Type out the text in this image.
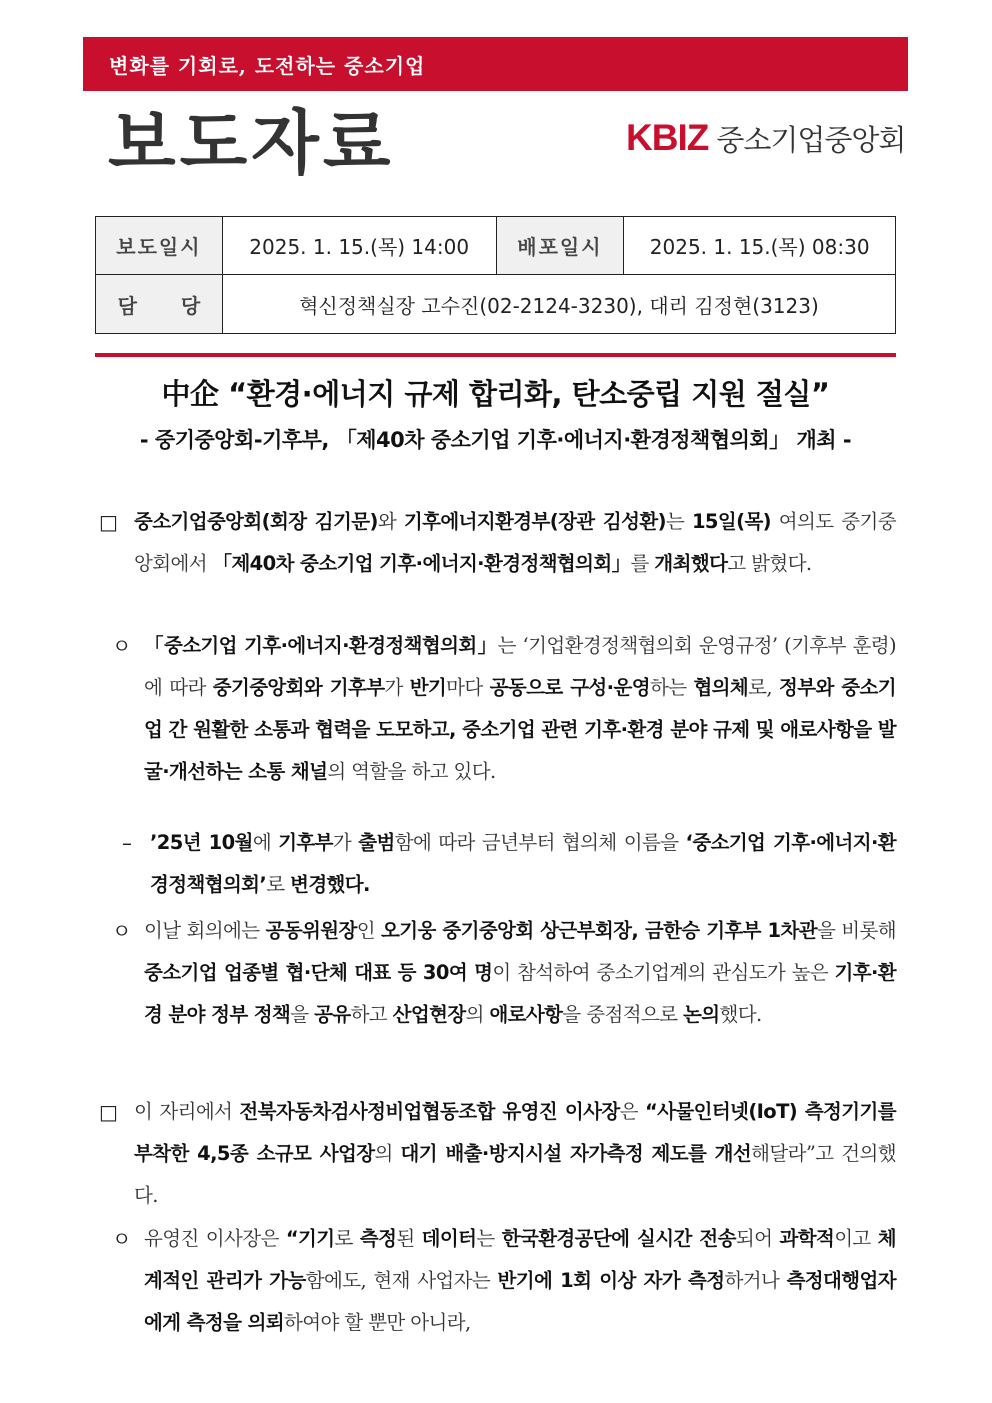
변화를 기회로, 도전하는 중소기업
보도자료	KBIZ 중소기업중앙회
보도일시	2025. 1. 15.(목) 14:00	배포일시	2025. 1. 15.(목) 08:30
담 당	혁신정책실장 고수진(02-2124-3230), 대리 김정현(3123)		
中企 “환경·에너지 규제 합리화, 탄소중립 지원 절실”
- 중기중앙회-기후부, 「제40차 중소기업 기후·에너지·환경정책협의회」 개최 -
□ 중소기업중앙회(회장 김기문)와 기후에너지환경부(장관 김성환)는 15일(목) 여의도 중기중앙회에서 「제40차 중소기업 기후·에너지·환경정책협의회」를 개최했다고 밝혔다.
ㅇ 「중소기업 기후·에너지·환경정책협의회」는 ‘기업환경정책협의회 운영규정’ (기후부 훈령)에 따라 중기중앙회와 기후부가 반기마다 공동으로 구성·운영하는 협의체로, 정부와 중소기업 간 원활한 소통과 협력을 도모하고, 중소기업 관련 기후·환경 분야 규제 및 애로사항을 발굴·개선하는 소통 채널의 역할을 하고 있다.
– ’25년 10월에 기후부가 출범함에 따라 금년부터 협의체 이름을 ‘중소기업 기후·에너지·환경정책협의회’로 변경했다.
ㅇ 이날 회의에는 공동위원장인 오기웅 중기중앙회 상근부회장, 금한승 기후부 1차관을 비롯해 중소기업 업종별 협·단체 대표 등 30여 명이 참석하여 중소기업계의 관심도가 높은 기후·환경 분야 정부 정책을 공유하고 산업현장의 애로사항을 중점적으로 논의했다.
□ 이 자리에서 전북자동차검사정비업협동조합 유영진 이사장은 “사물인터넷(IoT) 측정기기를 부착한 4,5종 소규모 사업장의 대기 배출·방지시설 자가측정 제도를 개선해달라”고 건의했다.
ㅇ 유영진 이사장은 “기기로 측정된 데이터는 한국환경공단에 실시간 전송되어 과학적이고 체계적인 관리가 가능함에도, 현재 사업자는 반기에 1회 이상 자가 측정하거나 측정대행업자에게 측정을 의뢰하여야 할 뿐만 아니라,
